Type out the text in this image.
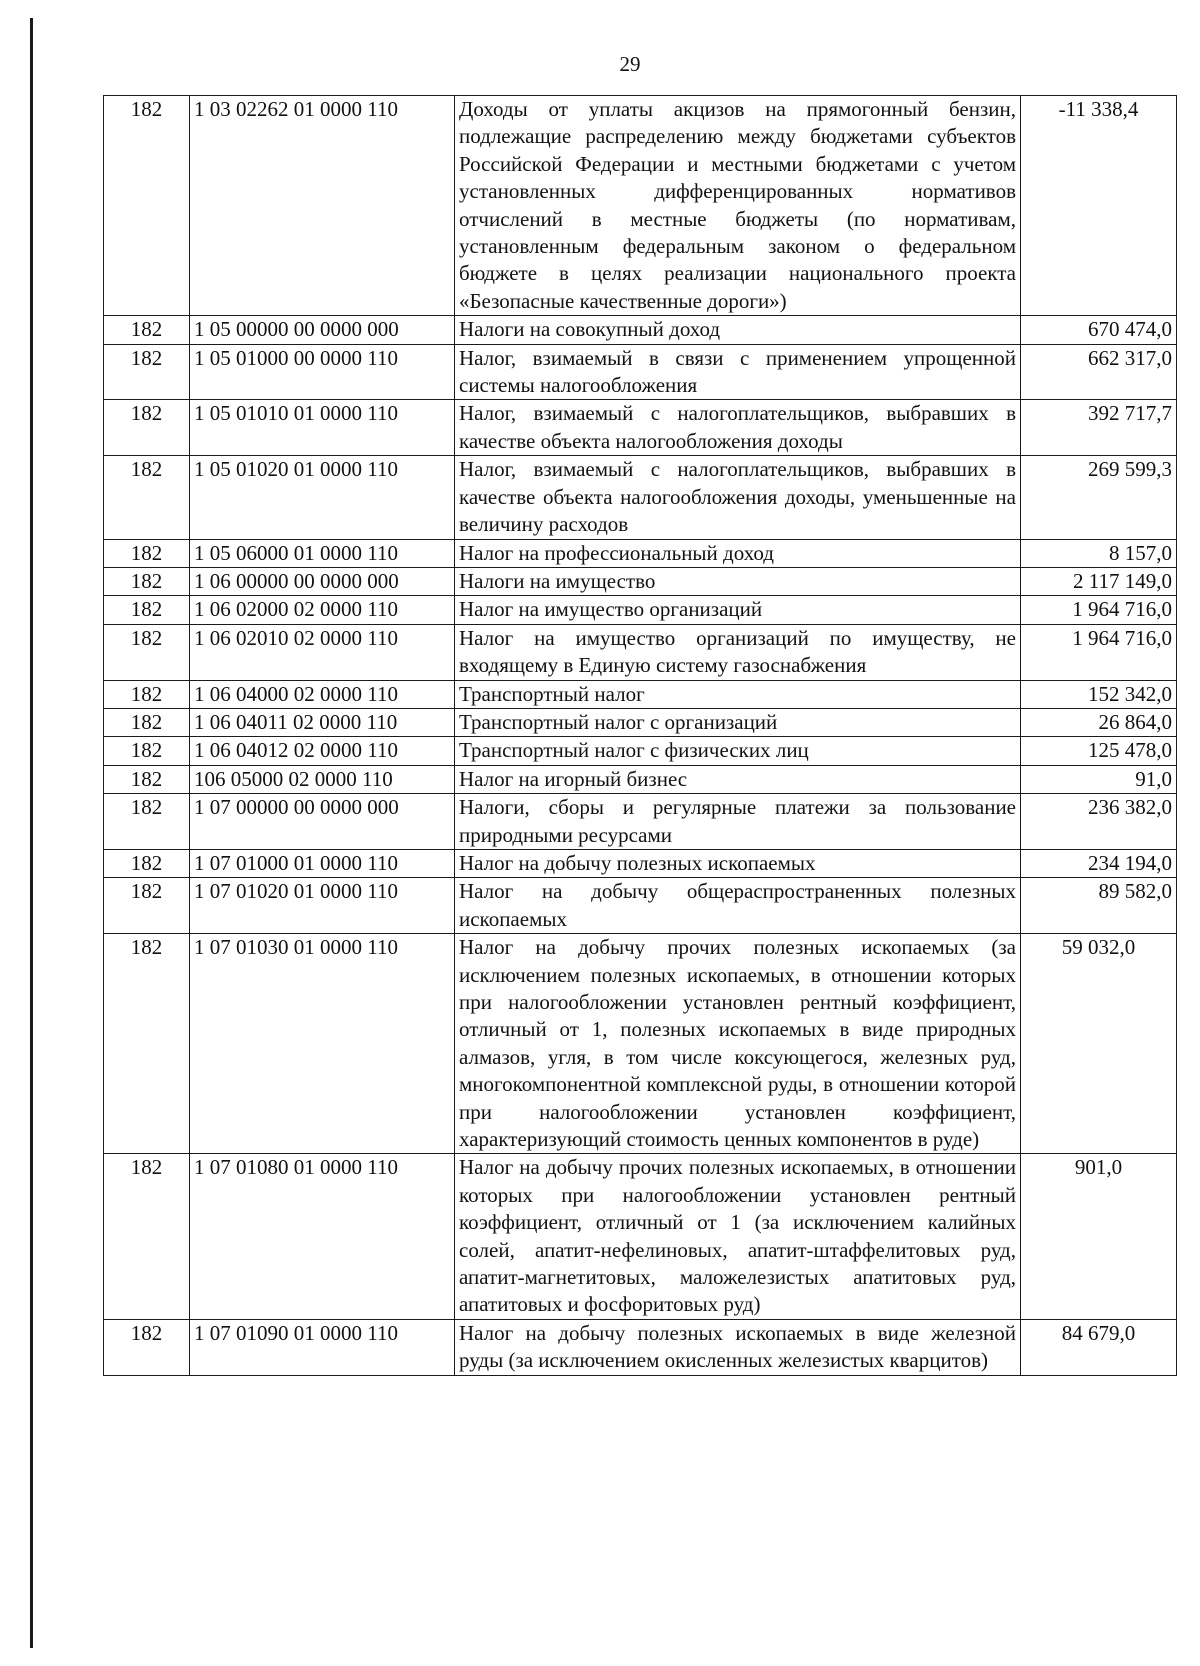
29
182	1 03 02262 01 0000 110	Доходы от уплаты акцизов на прямогонный бензин, подлежащие распределению между бюджетами субъектов Российской Федерации и местными бюджетами с учетом установленных дифференцированных нормативов отчислений в местные бюджеты (по нормативам, установленным федеральным законом о федеральном бюджете в целях реализации национального проекта «Безопасные качественные дороги»)	-11 338,4
182	1 05 00000 00 0000 000	Налоги на совокупный доход	670 474,0
182	1 05 01000 00 0000 110	Налог, взимаемый в связи с применением упрощенной системы налогообложения	662 317,0
182	1 05 01010 01 0000 110	Налог, взимаемый с налогоплательщиков, выбравших в качестве объекта налогообложения доходы	392 717,7
182	1 05 01020 01 0000 110	Налог, взимаемый с налогоплательщиков, выбравших в качестве объекта налогообложения доходы, уменьшенные на величину расходов	269 599,3
182	1 05 06000 01 0000 110	Налог на профессиональный доход	8 157,0
182	1 06 00000 00 0000 000	Налоги на имущество	2 117 149,0
182	1 06 02000 02 0000 110	Налог на имущество организаций	1 964 716,0
182	1 06 02010 02 0000 110	Налог на имущество организаций по имуществу, не входящему в Единую систему газоснабжения	1 964 716,0
182	1 06 04000 02 0000 110	Транспортный налог	152 342,0
182	1 06 04011 02 0000 110	Транспортный налог с организаций	26 864,0
182	1 06 04012 02 0000 110	Транспортный налог с физических лиц	125 478,0
182	106 05000 02 0000 110	Налог на игорный бизнес	91,0
182	1 07 00000 00 0000 000	Налоги, сборы и регулярные платежи за пользование природными ресурсами	236 382,0
182	1 07 01000 01 0000 110	Налог на добычу полезных ископаемых	234 194,0
182	1 07 01020 01 0000 110	Налог на добычу общераспространенных полезных ископаемых	89 582,0
182	1 07 01030 01 0000 110	Налог на добычу прочих полезных ископаемых (за исключением полезных ископаемых, в отношении которых при налогообложении установлен рентный коэффициент, отличный от 1, полезных ископаемых в виде природных алмазов, угля, в том числе коксующегося, железных руд, многокомпонентной комплексной руды, в отношении которой при налогообложении установлен коэффициент, характеризующий стоимость ценных компонентов в руде)	59 032,0
182	1 07 01080 01 0000 110	Налог на добычу прочих полезных ископаемых, в отношении которых при налогообложении установлен рентный коэффициент, отличный от 1 (за исключением калийных солей, апатит-нефелиновых, апатит-штаффелитовых руд, апатит-магнетитовых, маложелезистых апатитовых руд, апатитовых и фосфоритовых руд)	901,0
182	1 07 01090 01 0000 110	Налог на добычу полезных ископаемых в виде железной руды (за исключением окисленных железистых кварцитов)	84 679,0
